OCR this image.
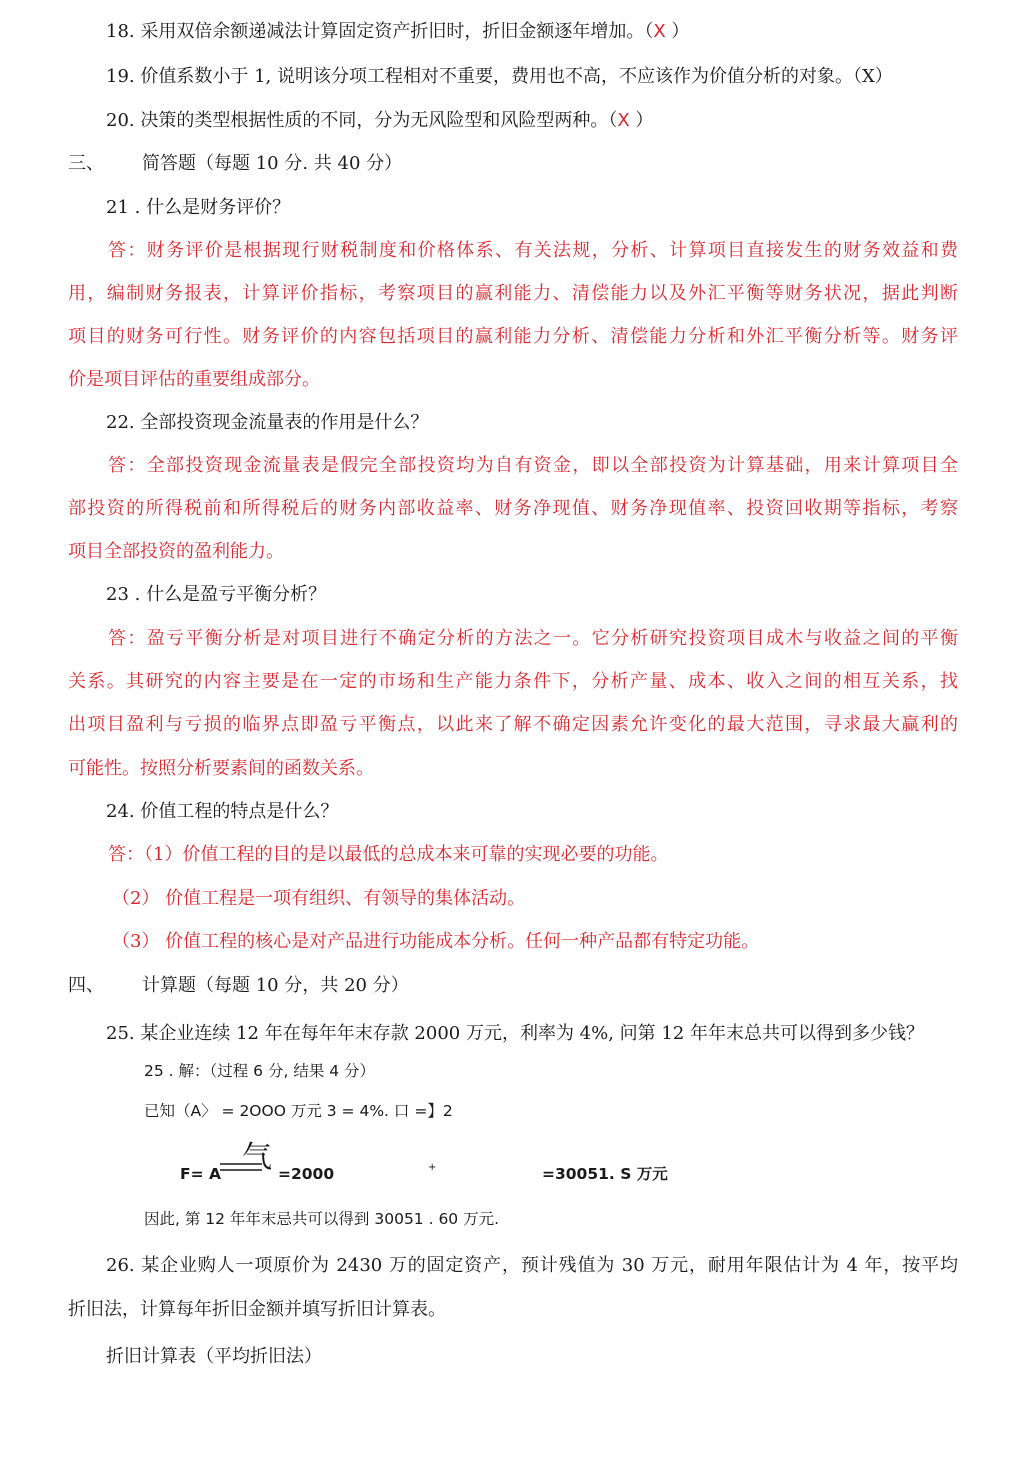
18. 采用双倍余额递减法计算固定资产折旧时，折旧金额逐年增加。（X ）
19. 价值系数小于 1, 说明该分项工程相对不重要，费用也不高，不应该作为价值分析的对象。（X）
20. 决策的类型根据性质的不同，分为无风险型和风险型两种。（X ）
三、 简答题（每题 10 分. 共 40 分）
21 . 什么是财务评价？
答：财务评价是根据现行财税制度和价格体系、有关法规，分析、计算项目直接发生的财务效益和费
用，编制财务报表，计算评价指标，考察项目的赢利能力、清偿能力以及外汇平衡等财务状况，据此判断
项目的财务可行性。财务评价的内容包括项目的赢利能力分析、清偿能力分析和外汇平衡分析等。财务评
价是项目评估的重要组成部分。
22. 全部投资现金流量表的作用是什么？
答：全部投资现金流量表是假完全部投资均为自有资金，即以全部投资为计算基础，用来计算项目全
部投资的所得税前和所得税后的财务内部收益率、财务净现值、财务净现值率、投资回收期等指标，考察
项目全部投资的盈利能力。
23 . 什么是盈亏平衡分析？
答：盈亏平衡分析是对项目进行不确定分析的方法之一。它分析研究投资项目成木与收益之间的平衡
关系。其研究的内容主要是在一定的市场和生产能力条件下，分析产量、成本、收入之间的相互关系，找
出项目盈利与亏损的临界点即盈亏平衡点，以此来了解不确定因素允许变化的最大范围，寻求最大赢利的
可能性。按照分析要素间的函数关系。
24. 价值工程的特点是什么？
答：（1）价值工程的目的是以最低的总成本来可靠的实现必要的功能。
（2） 价值工程是一项有组织、有领导的集体活动。
（3） 价值工程的核心是对产品进行功能成本分析。任何一种产品都有特定功能。
四、 计算题（每题 10 分，共 20 分）
25. 某企业连续 12 年在每年年末存款 2000 万元，利率为 4%, 问第 12 年年末总共可以得到多少钱？
25 . 解：（过程 6 分, 结果 4 分）
已知（A〉 = 2OOO 万元 3 = 4%. 口 =】2
F= A 气 =2000	+	=30051. S 万元
因此, 第 12 年年末忌共可以得到 30051 . 60 万元.
26. 某企业购人一项原价为 2430 万的固定资产，预计残值为 30 万元，耐用年限估计为 4 年，按平均
折旧法，计算每年折旧金额并填写折旧计算表。
折旧计算表（平均折旧法）
